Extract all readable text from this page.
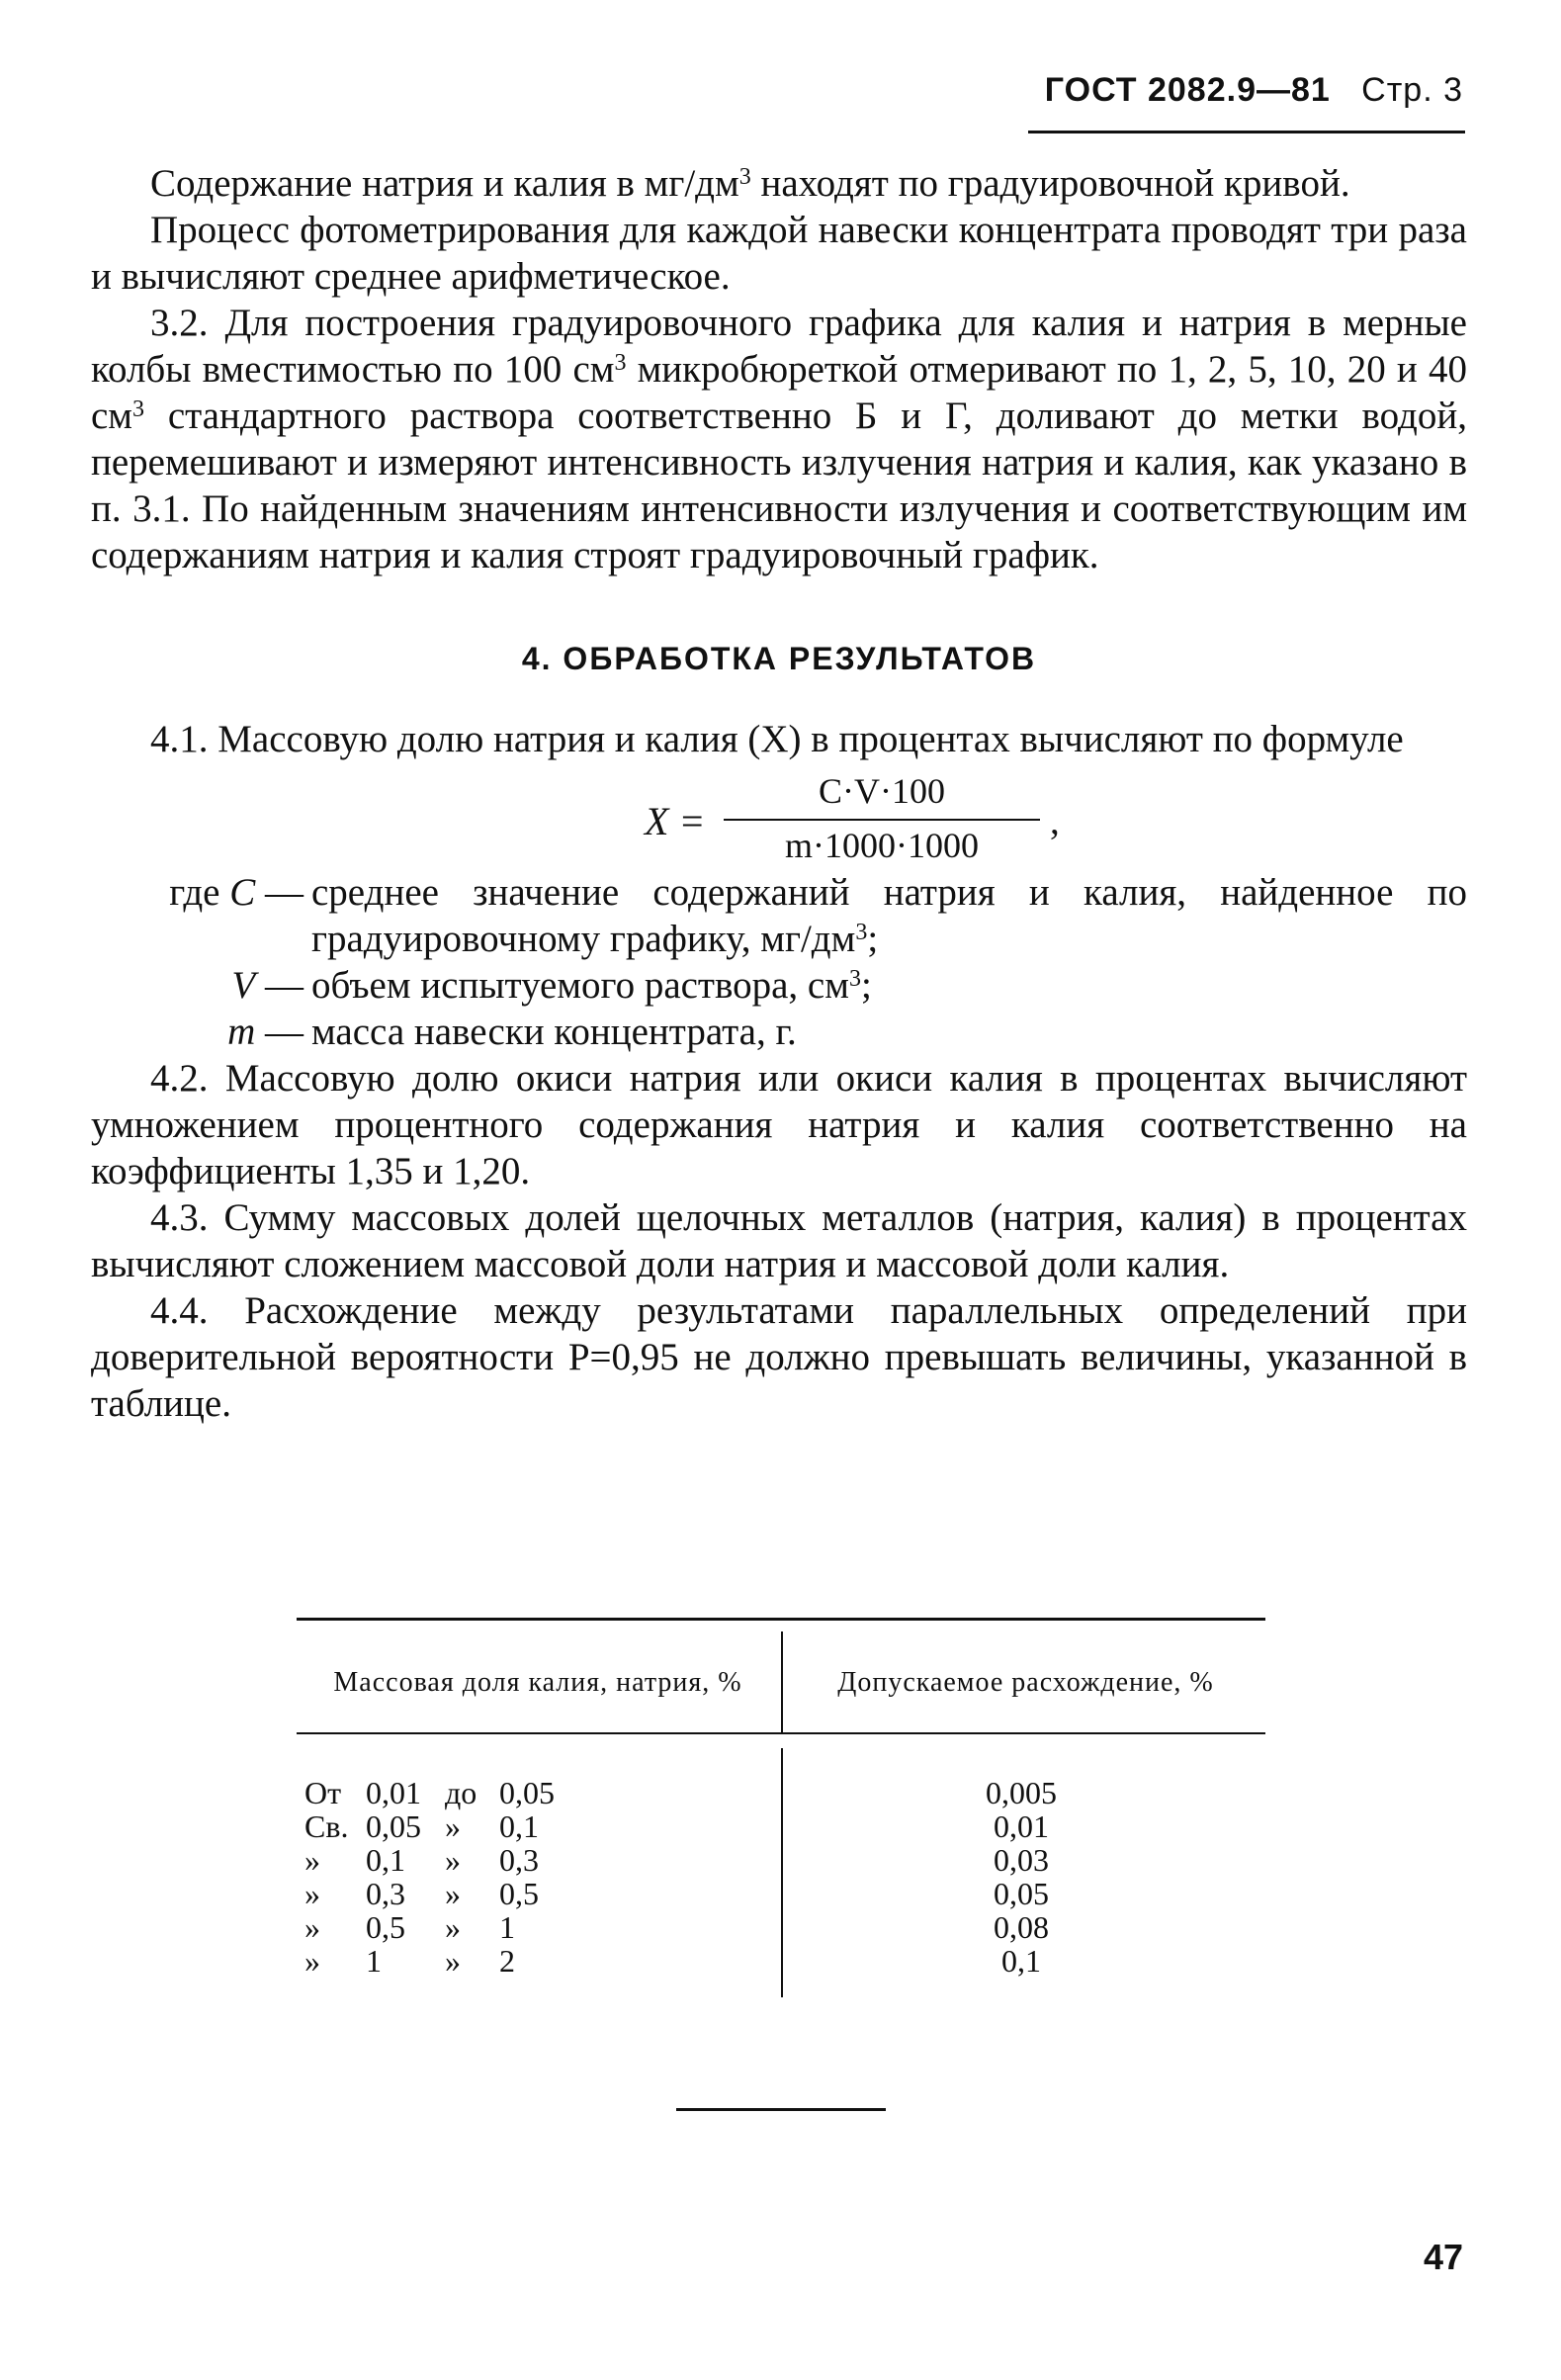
ГОСТ 2082.9—81 Стр. 3

Содержание натрия и калия в $мг/дм^3$ находят по градуировочной кривой.

Процесс фотометрирования для каждой навески концентрата проводят три раза и вычисляют среднее арифметическое.

3.2. Для построения градуировочного графика для калия и натрия в мерные колбы вместимостью по 100 $см^3$ микробюреткой отмеривают по 1, 2, 5, 10, 20 и 40 $см^3$ стандартного раствора соответственно Б и Г, доливают до метки водой, перемешивают и измеряют интенсивность излучения натрия и калия, как указано в п. 3.1. По найденным значениям интенсивности излучения и соответствующим им содержаниям натрия и калия строят градуировочный график.

4. ОБРАБОТКА РЕЗУЛЬТАТОВ

4.1. Массовую долю натрия и калия (X) в процентах вычисляют по формуле

$X = \frac{C\cdot V\cdot 100}{m\cdot 1000\cdot 1000}$ ,
где C — среднее значение содержаний натрия и калия, найденное по градуировочному графику, $мг/дм^3$;
V — объем испытуемого раствора, $см^3$;
m — масса навески концентрата, г.

4.2. Массовую долю окиси натрия или окиси калия в процентах вычисляют умножением процентного содержания натрия и калия соответственно на коэффициенты 1,35 и 1,20.

4.3. Сумму массовых долей щелочных металлов (натрия, калия) в процентах вычисляют сложением массовой доли натрия и массовой доли калия.

4.4. Расхождение между результатами параллельных определений при доверительной вероятности P=0,95 не должно превышать величины, указанной в таблице.

Массовая доля калия, натрия, %	Допускаемое расхождение, %
От 0,01 до 0,05	0,005
Св. 0,05 » 0,1	0,01
» 0,1 » 0,3	0,03
» 0,3 » 0,5	0,05
» 0,5 » 1	0,08
» 1 » 2	0,1
47
